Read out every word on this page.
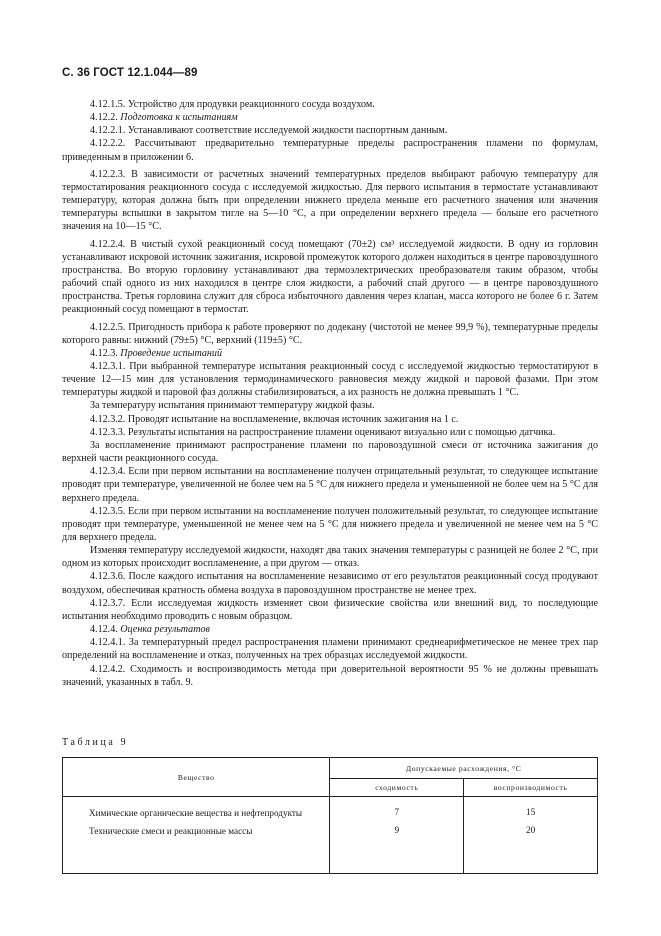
С. 36 ГОСТ 12.1.044—89

4.12.1.5. Устройство для продувки реакционного сосуда воздухом.

4.12.2. Подготовка к испытаниям

4.12.2.1. Устанавливают соответствие исследуемой жидкости паспортным данным.

4.12.2.2. Рассчитывают предварительно температурные пределы распространения пламени по формулам, приведенным в приложении 6.

4.12.2.3. В зависимости от расчетных значений температурных пределов выбирают рабочую температуру для термостатирования реакционного сосуда с исследуемой жидкостью. Для первого испытания в термостате устанавливают температуру, которая должна быть при определении нижнего предела меньше его расчетного значения или значения температуры вспышки в закрытом тигле на 5—10 °С, а при определении верхнего предела — больше его расчетного значения на 10—15 °С.

4.12.2.4. В чистый сухой реакционный сосуд помещают (70±2) см³ исследуемой жидкости. В одну из горловин устанавливают искровой источник зажигания, искровой промежуток которого должен находиться в центре паровоздушного пространства. Во вторую горловину устанавливают два термоэлектрических преобразователя таким образом, чтобы рабочий спай одного из них находился в центре слоя жидкости, а рабочий спай другого — в центре паровоздушного пространства. Третья горловина служит для сброса избыточного давления через клапан, масса которого не более 6 г. Затем реакционный сосуд помещают в термостат.

4.12.2.5. Пригодность прибора к работе проверяют по додекану (чистотой не менее 99,9 %), температурные пределы которого равны: нижний (79±5) °С, верхний (119±5) °С.

4.12.3. Проведение испытаний

4.12.3.1. При выбранной температуре испытания реакционный сосуд с исследуемой жидкостью термостатируют в течение 12—15 мин для установления термодинамического равновесия между жидкой и паровой фазами. При этом температуры жидкой и паровой фаз должны стабилизироваться, а их разность не должна превышать 1 °С.

За температуру испытания принимают температуру жидкой фазы.

4.12.3.2. Проводят испытание на воспламенение, включая источник зажигания на 1 с.

4.12.3.3. Результаты испытания на распространение пламени оценивают визуально или с помощью датчика.

За воспламенение принимают распространение пламени по паровоздушной смеси от источника зажигания до верхней части реакционного сосуда.

4.12.3.4. Если при первом испытании на воспламенение получен отрицательный результат, то следующее испытание проводят при температуре, увеличенной не более чем на 5 °С для нижнего предела и уменьшенной не более чем на 5 °С для верхнего предела.

4.12.3.5. Если при первом испытании на воспламенение получен положительный результат, то следующее испытание проводят при температуре, уменьшенной не менее чем на 5 °С для нижнего предела и увеличенной не менее чем на 5 °С для верхнего предела.

Изменяя температуру исследуемой жидкости, находят два таких значения температуры с разницей не более 2 °С, при одном из которых происходит воспламенение, а при другом — отказ.

4.12.3.6. После каждого испытания на воспламенение независимо от его результатов реакционный сосуд продувают воздухом, обеспечивая кратность обмена воздуха в паровоздушном пространстве не менее трех.

4.12.3.7. Если исследуемая жидкость изменяет свои физические свойства или внешний вид, то последующие испытания необходимо проводить с новым образцом.

4.12.4. Оценка результатов

4.12.4.1. За температурный предел распространения пламени принимают среднеарифметическое не менее трех пар определений на воспламенение и отказ, полученных на трех образцах исследуемой жидкости.

4.12.4.2. Сходимость и воспроизводимость метода при доверительной вероятности 95 % не должны превышать значений, указанных в табл. 9.

Таблица 9
Вещество	Допускаемые расхождения, °С	
	сходимость	воспроизводимость
Химические органические вещества и нефтепродукты	7	15
Технические смеси и реакционные массы	9	20
